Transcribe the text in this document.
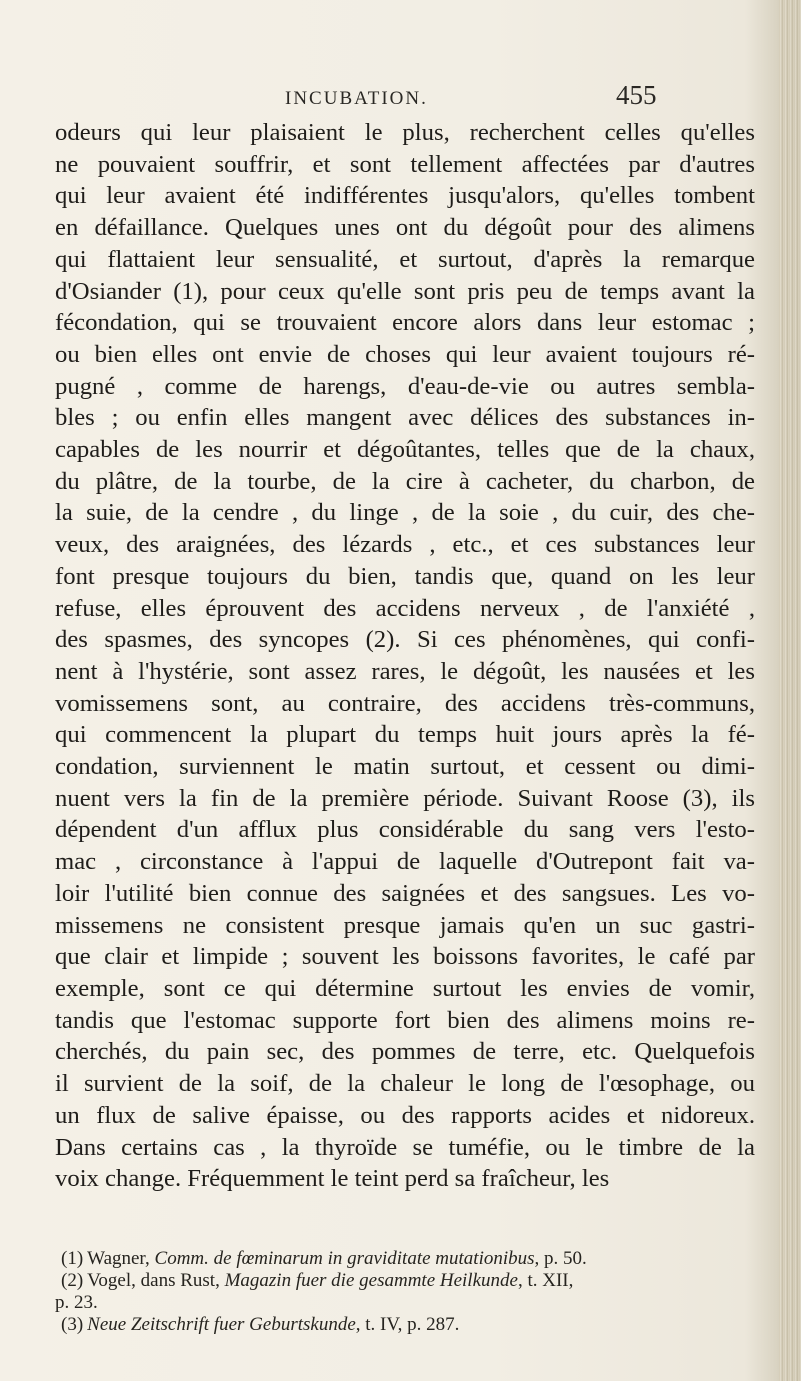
INCUBATION.	455
odeurs qui leur plaisaient le plus, recherchent celles qu'elles
ne pouvaient souffrir, et sont tellement affectées par d'autres
qui leur avaient été indifférentes jusqu'alors, qu'elles tombent
en défaillance. Quelques unes ont du dégoût pour des alimens
qui flattaient leur sensualité, et surtout, d'après la remarque
d'Osiander (1), pour ceux qu'elle sont pris peu de temps avant la
fécondation, qui se trouvaient encore alors dans leur estomac ;
ou bien elles ont envie de choses qui leur avaient toujours ré-
pugné , comme de harengs, d'eau-de-vie ou autres sembla-
bles ; ou enfin elles mangent avec délices des substances in-
capables de les nourrir et dégoûtantes, telles que de la chaux,
du plâtre, de la tourbe, de la cire à cacheter, du charbon, de
la suie, de la cendre , du linge , de la soie , du cuir, des che-
veux, des araignées, des lézards , etc., et ces substances leur
font presque toujours du bien, tandis que, quand on les leur
refuse, elles éprouvent des accidens nerveux , de l'anxiété ,
des spasmes, des syncopes (2). Si ces phénomènes, qui confi-
nent à l'hystérie, sont assez rares, le dégoût, les nausées et les
vomissemens sont, au contraire, des accidens très-communs,
qui commencent la plupart du temps huit jours après la fé-
condation, surviennent le matin surtout, et cessent ou dimi-
nuent vers la fin de la première période. Suivant Roose (3), ils
dépendent d'un afflux plus considérable du sang vers l'esto-
mac , circonstance à l'appui de laquelle d'Outrepont fait va-
loir l'utilité bien connue des saignées et des sangsues. Les vo-
missemens ne consistent presque jamais qu'en un suc gastri-
que clair et limpide ; souvent les boissons favorites, le café par
exemple, sont ce qui détermine surtout les envies de vomir,
tandis que l'estomac supporte fort bien des alimens moins re-
cherchés, du pain sec, des pommes de terre, etc. Quelquefois
il survient de la soif, de la chaleur le long de l'œsophage, ou
un flux de salive épaisse, ou des rapports acides et nidoreux.
Dans certains cas , la thyroïde se tuméfie, ou le timbre de la
voix change. Fréquemment le teint perd sa fraîcheur, les
(1) Wagner, Comm. de fœminarum in graviditate mutationibus, p. 50.
(2) Vogel, dans Rust, Magazin fuer die gesammte Heilkunde, t. XII,
p. 23.
(3) Neue Zeitschrift fuer Geburtskunde, t. IV, p. 287.
